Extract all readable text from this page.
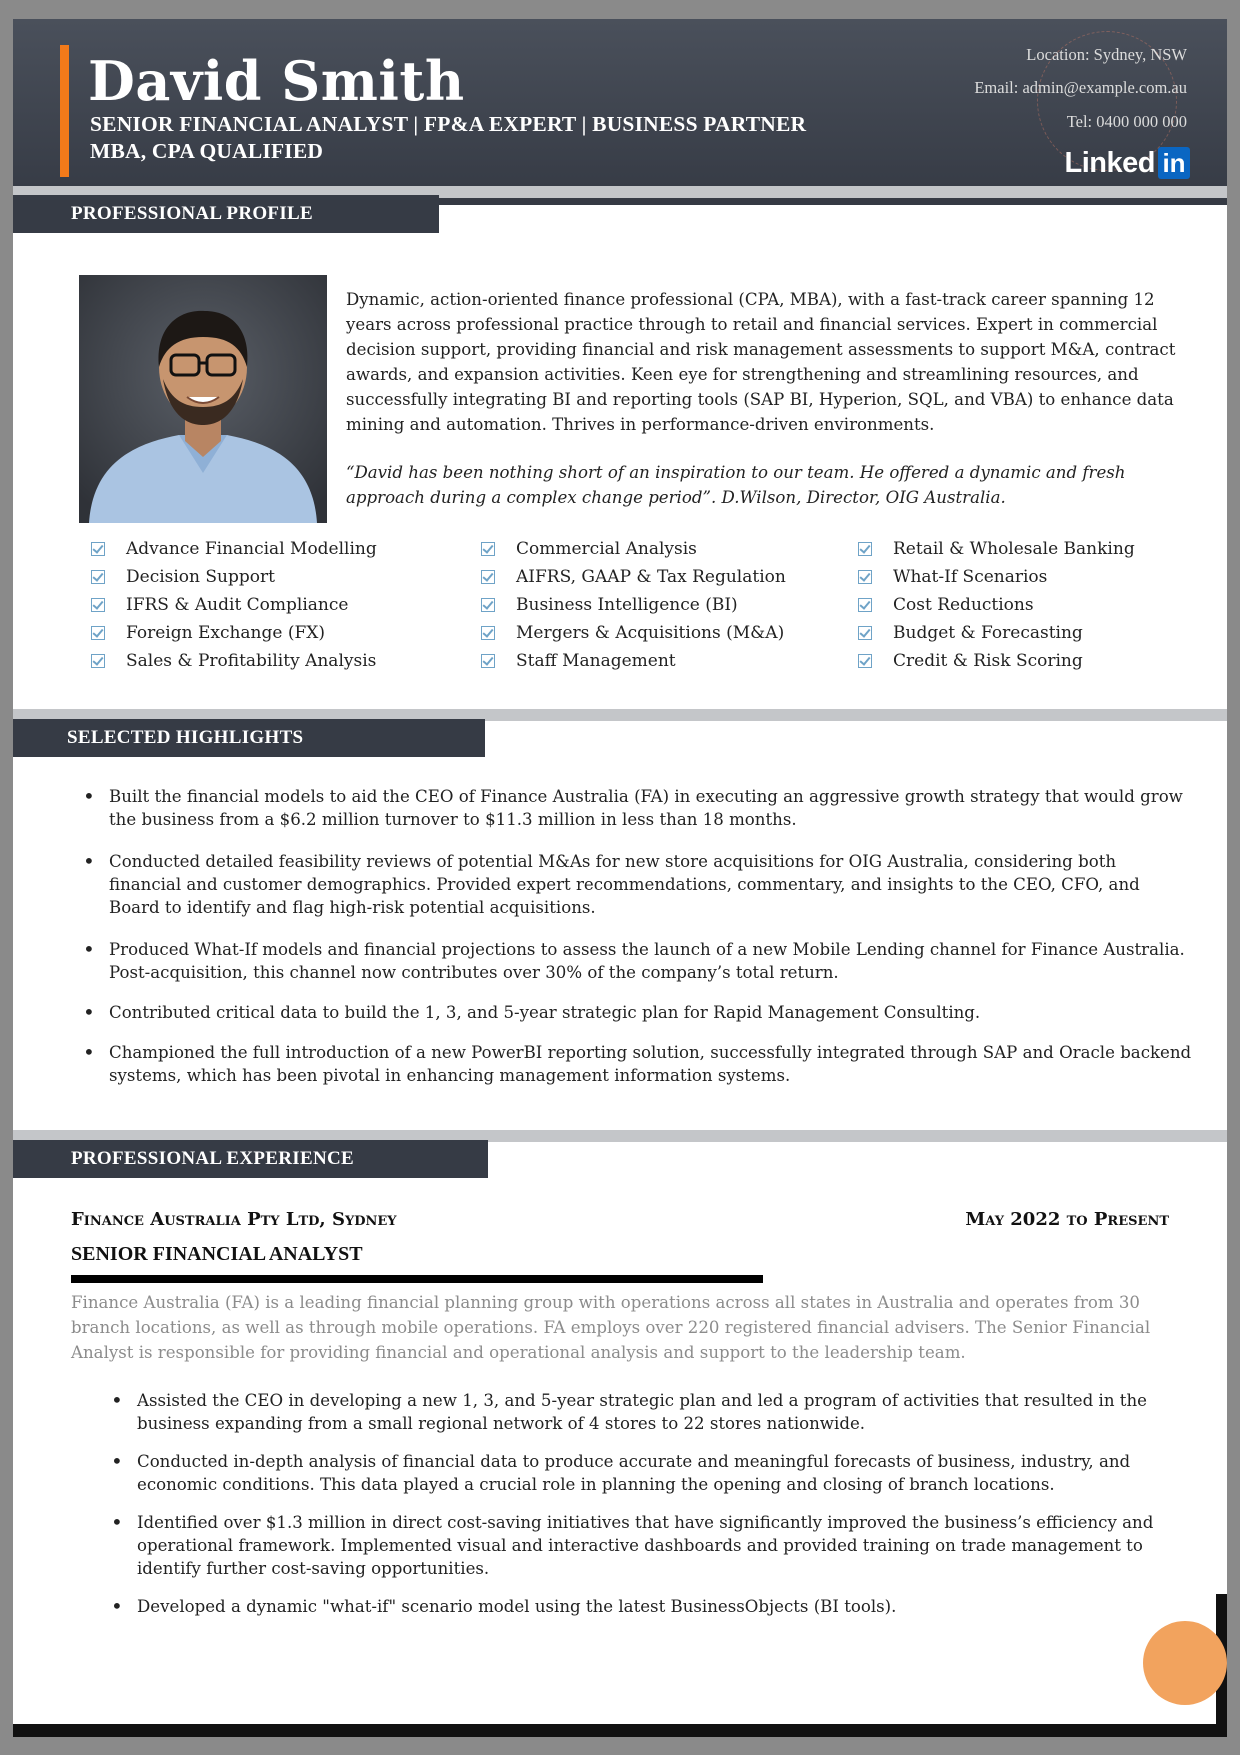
David Smith
SENIOR FINANCIAL ANALYST | FP&A EXPERT | BUSINESS PARTNER
MBA, CPA QUALIFIED
Location: Sydney, NSW
Email: admin@example.com.au
Tel: 0400 000 000
Linked in
PROFESSIONAL PROFILE
Dynamic, action-oriented finance professional (CPA, MBA), with a fast-track career spanning 12 years across professional practice through to retail and financial services. Expert in commercial decision support, providing financial and risk management assessments to support M&A, contract awards, and expansion activities. Keen eye for strengthening and streamlining resources, and successfully integrating BI and reporting tools (SAP BI, Hyperion, SQL, and VBA) to enhance data mining and automation. Thrives in performance-driven environments.
“David has been nothing short of an inspiration to our team. He offered a dynamic and fresh approach during a complex change period”. D.Wilson, Director, OIG Australia.
Advance Financial Modelling
Decision Support
IFRS & Audit Compliance
Foreign Exchange (FX)
Sales & Profitability Analysis
Commercial Analysis
AIFRS, GAAP & Tax Regulation
Business Intelligence (BI)
Mergers & Acquisitions (M&A)
Staff Management
Retail & Wholesale Banking
What-If Scenarios
Cost Reductions
Budget & Forecasting
Credit & Risk Scoring
SELECTED HIGHLIGHTS
• Built the financial models to aid the CEO of Finance Australia (FA) in executing an aggressive growth strategy that would grow the business from a $6.2 million turnover to $11.3 million in less than 18 months.
• Conducted detailed feasibility reviews of potential M&As for new store acquisitions for OIG Australia, considering both financial and customer demographics. Provided expert recommendations, commentary, and insights to the CEO, CFO, and Board to identify and flag high-risk potential acquisitions.
• Produced What-If models and financial projections to assess the launch of a new Mobile Lending channel for Finance Australia. Post-acquisition, this channel now contributes over 30% of the company’s total return.
• Contributed critical data to build the 1, 3, and 5-year strategic plan for Rapid Management Consulting.
• Championed the full introduction of a new PowerBI reporting solution, successfully integrated through SAP and Oracle backend systems, which has been pivotal in enhancing management information systems.
PROFESSIONAL EXPERIENCE
Finance Australia Pty Ltd, Sydney	May 2022 to Present
SENIOR FINANCIAL ANALYST
Finance Australia (FA) is a leading financial planning group with operations across all states in Australia and operates from 30 branch locations, as well as through mobile operations. FA employs over 220 registered financial advisers. The Senior Financial Analyst is responsible for providing financial and operational analysis and support to the leadership team.
• Assisted the CEO in developing a new 1, 3, and 5-year strategic plan and led a program of activities that resulted in the business expanding from a small regional network of 4 stores to 22 stores nationwide.
• Conducted in-depth analysis of financial data to produce accurate and meaningful forecasts of business, industry, and economic conditions. This data played a crucial role in planning the opening and closing of branch locations.
• Identified over $1.3 million in direct cost-saving initiatives that have significantly improved the business’s efficiency and operational framework. Implemented visual and interactive dashboards and provided training on trade management to identify further cost-saving opportunities.
• Developed a dynamic "what-if" scenario model using the latest BusinessObjects (BI tools).
